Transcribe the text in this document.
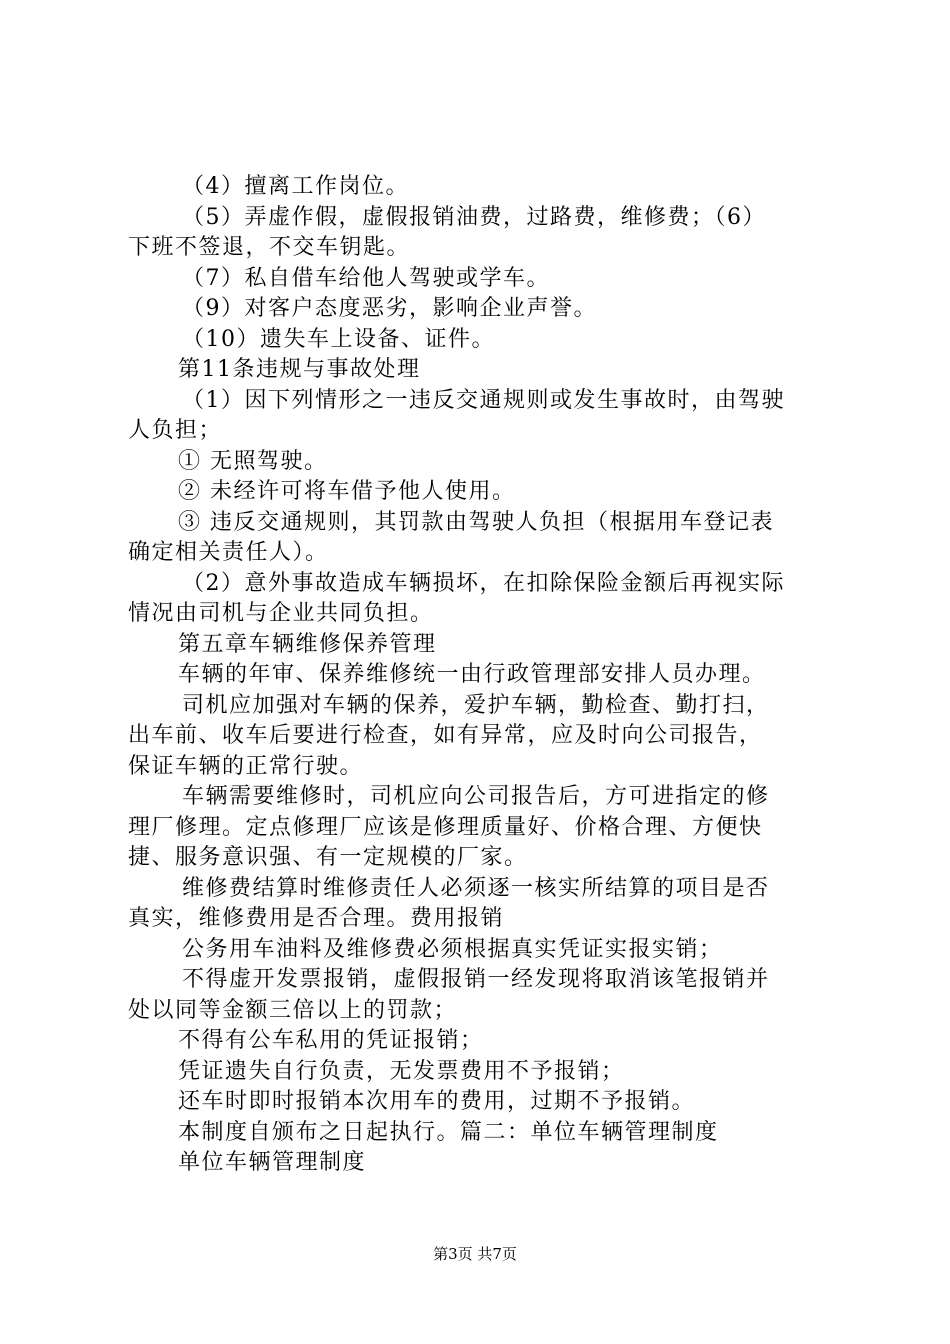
（4）擅离工作岗位。
（5）弄虚作假，虚假报销油费，过路费，维修费；（6）
下班不签退，不交车钥匙。
（7）私自借车给他人驾驶或学车。
（9）对客户态度恶劣，影响企业声誉。
（10）遗失车上设备、证件。
第11条违规与事故处理
（1）因下列情形之一违反交通规则或发生事故时，由驾驶
人负担；
① 无照驾驶。
② 未经许可将车借予他人使用。
③ 违反交通规则，其罚款由驾驶人负担（根据用车登记表
确定相关责任人）。
（2）意外事故造成车辆损坏，在扣除保险金额后再视实际
情况由司机与企业共同负担。
第五章车辆维修保养管理
车辆的年审、保养维修统一由行政管理部安排人员办理。
司机应加强对车辆的保养，爱护车辆，勤检查、勤打扫，
出车前、收车后要进行检查，如有异常，应及时向公司报告，
保证车辆的正常行驶。
车辆需要维修时，司机应向公司报告后，方可进指定的修
理厂修理。定点修理厂应该是修理质量好、价格合理、方便快
捷、服务意识强、有一定规模的厂家。
维修费结算时维修责任人必须逐一核实所结算的项目是否
真实，维修费用是否合理。费用报销
公务用车油料及维修费必须根据真实凭证实报实销；
不得虚开发票报销，虚假报销一经发现将取消该笔报销并
处以同等金额三倍以上的罚款；
不得有公车私用的凭证报销；
凭证遗失自行负责，无发票费用不予报销；
还车时即时报销本次用车的费用，过期不予报销。
本制度自颁布之日起执行。篇二：单位车辆管理制度
单位车辆管理制度
第3页 共7页
